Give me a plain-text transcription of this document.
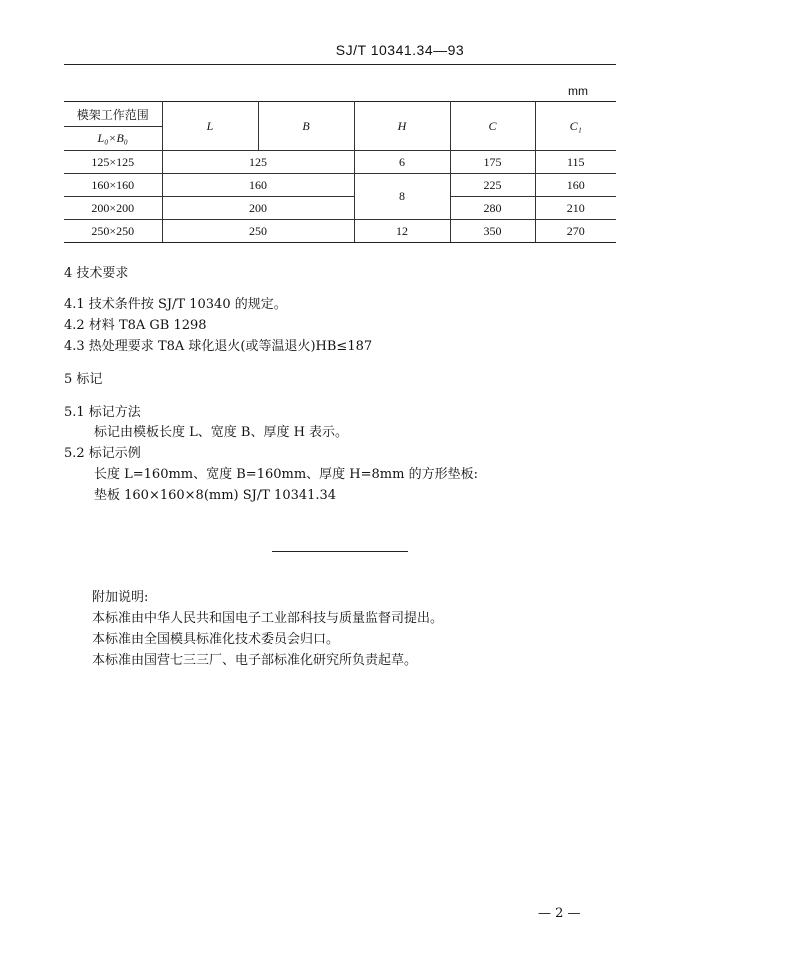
SJ/T 10341.34—93
mm
模架工作范围	L	B	H	C	C₁
L₀×B₀					
125×125	125		6	175	115
160×160	160		8	225	160
200×200	200			280	210
250×250	250		12	350	270
4 技术要求
4.1 技术条件按 SJ/T 10340 的规定。
4.2 材料 T8A GB 1298
4.3 热处理要求 T8A 球化退火(或等温退火)HB≤187
5 标记
5.1 标记方法
标记由模板长度 L、宽度 B、厚度 H 表示。
5.2 标记示例
长度 L=160mm、宽度 B=160mm、厚度 H=8mm 的方形垫板:
垫板 160×160×8(mm) SJ/T 10341.34
附加说明:
本标准由中华人民共和国电子工业部科技与质量监督司提出。
本标准由全国模具标准化技术委员会归口。
本标准由国营七三三厂、电子部标准化研究所负责起草。
— 2 —
